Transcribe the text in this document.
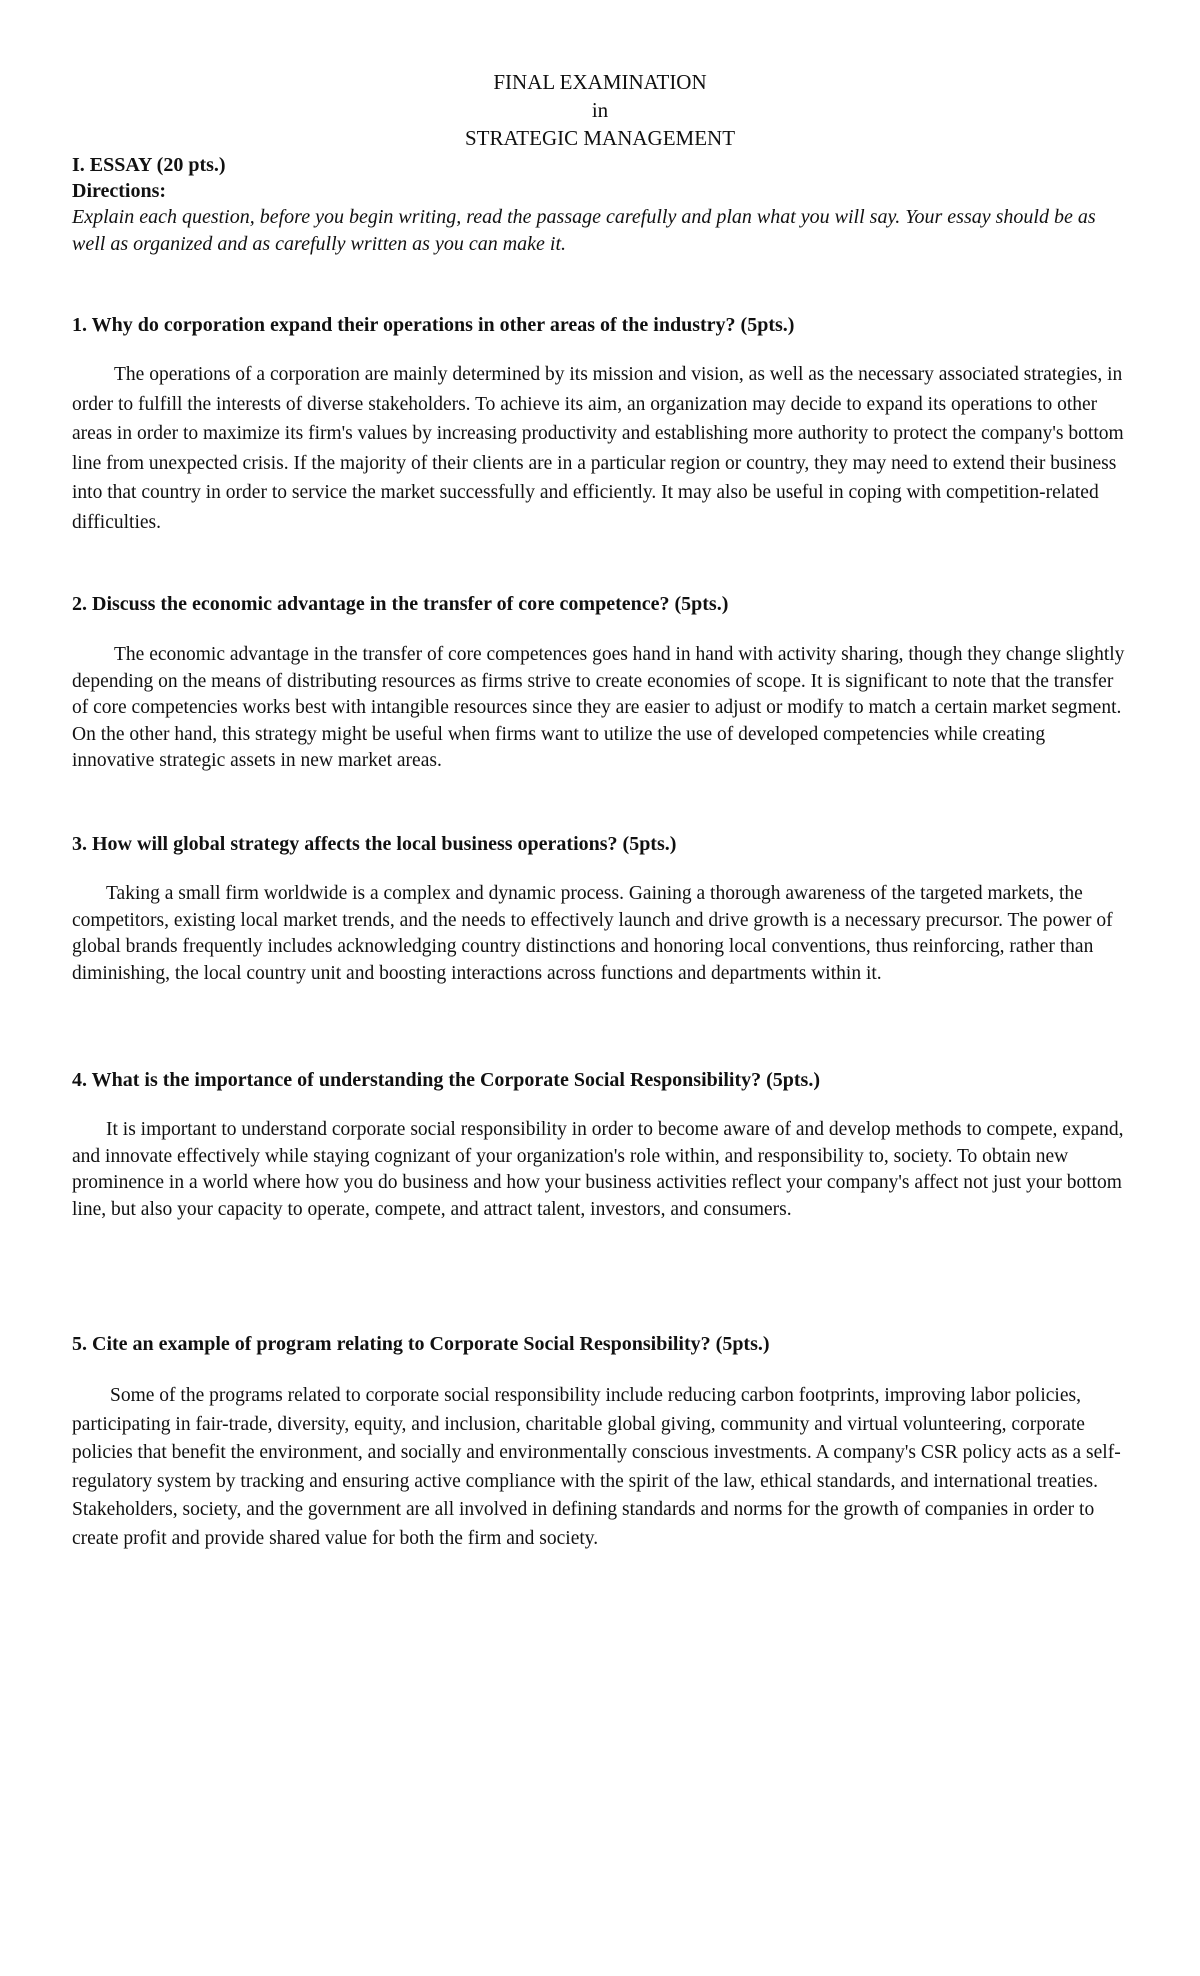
FINAL EXAMINATION
in
STRATEGIC MANAGEMENT
I. ESSAY (20 pts.)
Directions:

Explain each question, before you begin writing, read the passage carefully and plan what you will say. Your essay should be as well as organized and as carefully written as you can make it.

1. Why do corporation expand their operations in other areas of the industry? (5pts.)

The operations of a corporation are mainly determined by its mission and vision, as well as the necessary associated strategies, in order to fulfill the interests of diverse stakeholders. To achieve its aim, an organization may decide to expand its operations to other areas in order to maximize its firm's values by increasing productivity and establishing more authority to protect the company's bottom line from unexpected crisis. If the majority of their clients are in a particular region or country, they may need to extend their business into that country in order to service the market successfully and efficiently. It may also be useful in coping with competition-related difficulties.

2. Discuss the economic advantage in the transfer of core competence? (5pts.)

The economic advantage in the transfer of core competences goes hand in hand with activity sharing, though they change slightly depending on the means of distributing resources as firms strive to create economies of scope. It is significant to note that the transfer of core competencies works best with intangible resources since they are easier to adjust or modify to match a certain market segment. On the other hand, this strategy might be useful when firms want to utilize the use of developed competencies while creating innovative strategic assets in new market areas.

3. How will global strategy affects the local business operations? (5pts.)

Taking a small firm worldwide is a complex and dynamic process. Gaining a thorough awareness of the targeted markets, the competitors, existing local market trends, and the needs to effectively launch and drive growth is a necessary precursor. The power of global brands frequently includes acknowledging country distinctions and honoring local conventions, thus reinforcing, rather than diminishing, the local country unit and boosting interactions across functions and departments within it.

4. What is the importance of understanding the Corporate Social Responsibility? (5pts.)

It is important to understand corporate social responsibility in order to become aware of and develop methods to compete, expand, and innovate effectively while staying cognizant of your organization's role within, and responsibility to, society. To obtain new prominence in a world where how you do business and how your business activities reflect your company's affect not just your bottom line, but also your capacity to operate, compete, and attract talent, investors, and consumers.

5. Cite an example of program relating to Corporate Social Responsibility? (5pts.)

Some of the programs related to corporate social responsibility include reducing carbon footprints, improving labor policies, participating in fair-trade, diversity, equity, and inclusion, charitable global giving, community and virtual volunteering, corporate policies that benefit the environment, and socially and environmentally conscious investments. A company's CSR policy acts as a self-regulatory system by tracking and ensuring active compliance with the spirit of the law, ethical standards, and international treaties. Stakeholders, society, and the government are all involved in defining standards and norms for the growth of companies in order to create profit and provide shared value for both the firm and society.
